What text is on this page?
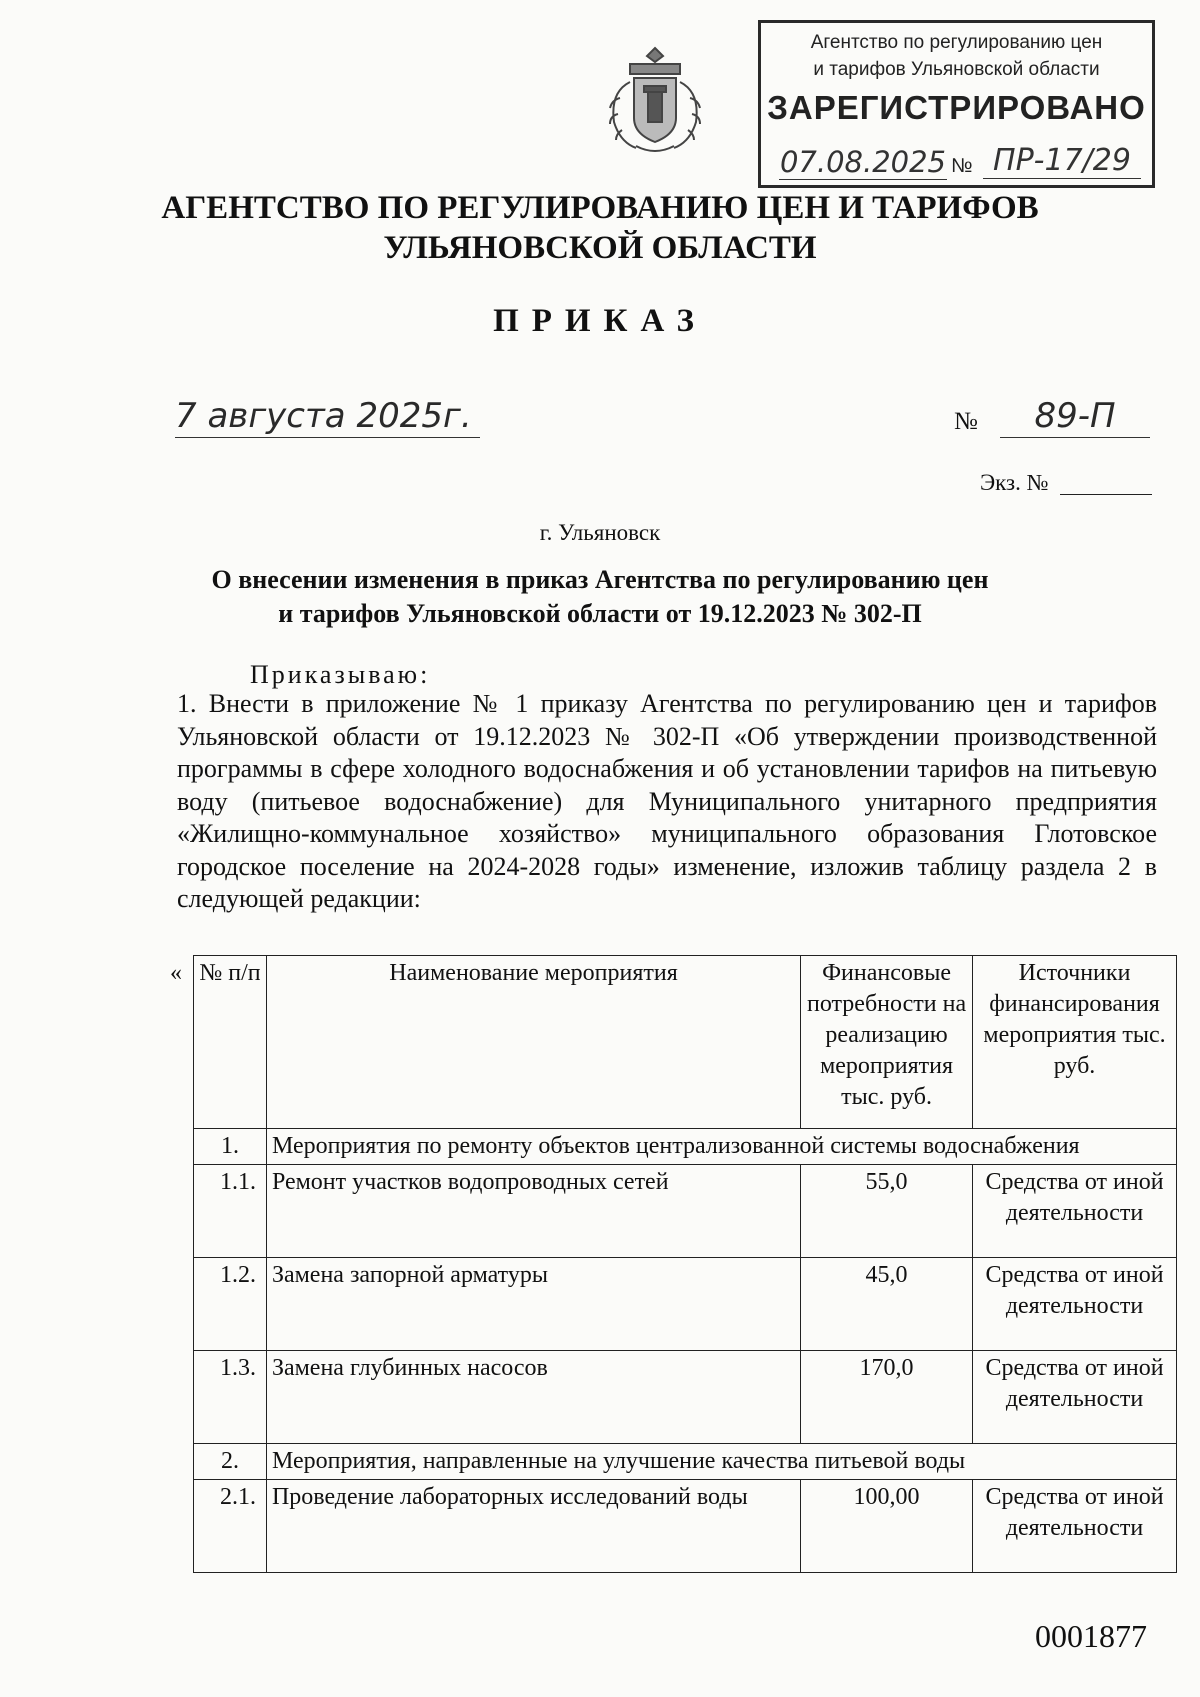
Агентство по регулированию цен
и тарифов Ульяновской области
ЗАРЕГИСТРИРОВАНО
07.08.2025 № ПР-17/29
АГЕНТСТВО ПО РЕГУЛИРОВАНИЮ ЦЕН И ТАРИФОВ
УЛЬЯНОВСКОЙ ОБЛАСТИ
ПРИКАЗ
7 августа 2025г.	№	89-П
Экз. №
г. Ульяновск
О внесении изменения в приказ Агентства по регулированию цен
и тарифов Ульяновской области от 19.12.2023 № 302-П
Приказываю:
1. Внести в приложение № 1 приказу Агентства по регулированию цен и тарифов Ульяновской области от 19.12.2023 № 302-П «Об утверждении производственной программы в сфере холодного водоснабжения и об установлении тарифов на питьевую воду (питьевое водоснабжение) для Муниципального унитарного предприятия «Жилищно-коммунальное хозяйство» муниципального образования Глотовское городское поселение на 2024-2028 годы» изменение, изложив таблицу раздела 2 в следующей редакции:
« № п/п	Наименование мероприятия	Финансовые потребности на реализацию мероприятия тыс. руб.	Источники финансирования мероприятия тыс. руб.
1.	Мероприятия по ремонту объектов централизованной системы водоснабжения		
1.1.	Ремонт участков водопроводных сетей	55,0	Средства от иной деятельности
1.2.	Замена запорной арматуры	45,0	Средства от иной деятельности
1.3.	Замена глубинных насосов	170,0	Средства от иной деятельности
2.	Мероприятия, направленные на улучшение качества питьевой воды		
2.1.	Проведение лабораторных исследований воды	100,00	Средства от иной деятельности
0001877
